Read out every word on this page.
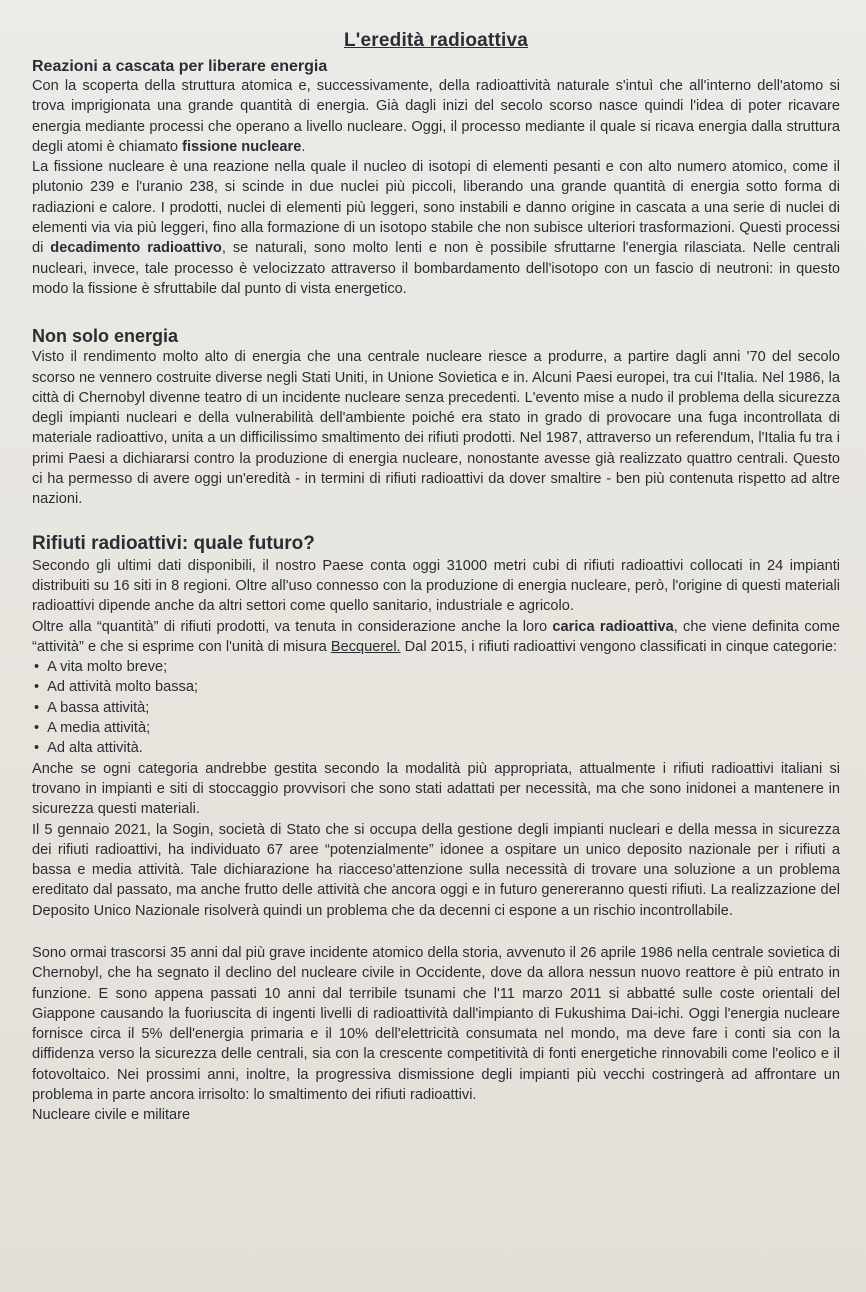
L'eredità radioattiva
Reazioni a cascata per liberare energia

Con la scoperta della struttura atomica e, successivamente, della radioattività naturale s'intuì che all'interno dell'atomo si trova imprigionata una grande quantità di energia. Già dagli inizi del secolo scorso nasce quindi l'idea di poter ricavare energia mediante processi che operano a livello nucleare. Oggi, il processo mediante il quale si ricava energia dalla struttura degli atomi è chiamato fissione nucleare.

La fissione nucleare è una reazione nella quale il nucleo di isotopi di elementi pesanti e con alto numero atomico, come il plutonio 239 e l'uranio 238, si scinde in due nuclei più piccoli, liberando una grande quantità di energia sotto forma di radiazioni e calore. I prodotti, nuclei di elementi più leggeri, sono instabili e danno origine in cascata a una serie di nuclei di elementi via via più leggeri, fino alla formazione di un isotopo stabile che non subisce ulteriori trasformazioni. Questi processi di decadimento radioattivo, se naturali, sono molto lenti e non è possibile sfruttarne l'energia rilasciata. Nelle centrali nucleari, invece, tale processo è velocizzato attraverso il bombardamento dell'isotopo con un fascio di neutroni: in questo modo la fissione è sfruttabile dal punto di vista energetico.

Non solo energia

Visto il rendimento molto alto di energia che una centrale nucleare riesce a produrre, a partire dagli anni '70 del secolo scorso ne vennero costruite diverse negli Stati Uniti, in Unione Sovietica e in. Alcuni Paesi europei, tra cui l'Italia. Nel 1986, la città di Chernobyl divenne teatro di un incidente nucleare senza precedenti. L'evento mise a nudo il problema della sicurezza degli impianti nucleari e della vulnerabilità dell'ambiente poiché era stato in grado di provocare una fuga incontrollata di materiale radioattivo, unita a un difficilissimo smaltimento dei rifiuti prodotti. Nel 1987, attraverso un referendum, l'Italia fu tra i primi Paesi a dichiararsi contro la produzione di energia nucleare, nonostante avesse già realizzato quattro centrali. Questo ci ha permesso di avere oggi un'eredità - in termini di rifiuti radioattivi da dover smaltire - ben più contenuta rispetto ad altre nazioni.

Rifiuti radioattivi: quale futuro?

Secondo gli ultimi dati disponibili, il nostro Paese conta oggi 31000 metri cubi di rifiuti radioattivi collocati in 24 impianti distribuiti su 16 siti in 8 regioni. Oltre all'uso connesso con la produzione di energia nucleare, però, l'origine di questi materiali radioattivi dipende anche da altri settori come quello sanitario, industriale e agricolo.

Oltre alla “quantità” di rifiuti prodotti, va tenuta in considerazione anche la loro carica radioattiva, che viene definita come “attività” e che si esprime con l'unità di misura Becquerel. Dal 2015, i rifiuti radioattivi vengono classificati in cinque categorie:

• A vita molto breve;
• Ad attività molto bassa;
• A bassa attività;
• A media attività;
• Ad alta attività.

Anche se ogni categoria andrebbe gestita secondo la modalità più appropriata, attualmente i rifiuti radioattivi italiani si trovano in impianti e siti di stoccaggio provvisori che sono stati adattati per necessità, ma che sono inidonei a mantenere in sicurezza questi materiali.

Il 5 gennaio 2021, la Sogin, società di Stato che si occupa della gestione degli impianti nucleari e della messa in sicurezza dei rifiuti radioattivi, ha individuato 67 aree “potenzialmente” idonee a ospitare un unico deposito nazionale per i rifiuti a bassa e media attività. Tale dichiarazione ha riacceso'attenzione sulla necessità di trovare una soluzione a un problema ereditato dal passato, ma anche frutto delle attività che ancora oggi e in futuro genereranno questi rifiuti. La realizzazione del Deposito Unico Nazionale risolverà quindi un problema che da decenni ci espone a un rischio incontrollabile.

Sono ormai trascorsi 35 anni dal più grave incidente atomico della storia, avvenuto il 26 aprile 1986 nella centrale sovietica di Chernobyl, che ha segnato il declino del nucleare civile in Occidente, dove da allora nessun nuovo reattore è più entrato in funzione. E sono appena passati 10 anni dal terribile tsunami che l'11 marzo 2011 si abbatté sulle coste orientali del Giappone causando la fuoriuscita di ingenti livelli di radioattività dall'impianto di Fukushima Dai-ichi. Oggi l'energia nucleare fornisce circa il 5% dell'energia primaria e il 10% dell'elettricità consumata nel mondo, ma deve fare i conti sia con la diffidenza verso la sicurezza delle centrali, sia con la crescente competitività di fonti energetiche rinnovabili come l'eolico e il fotovoltaico. Nei prossimi anni, inoltre, la progressiva dismissione degli impianti più vecchi costringerà ad affrontare un problema in parte ancora irrisolto: lo smaltimento dei rifiuti radioattivi.

Nucleare civile e militare
